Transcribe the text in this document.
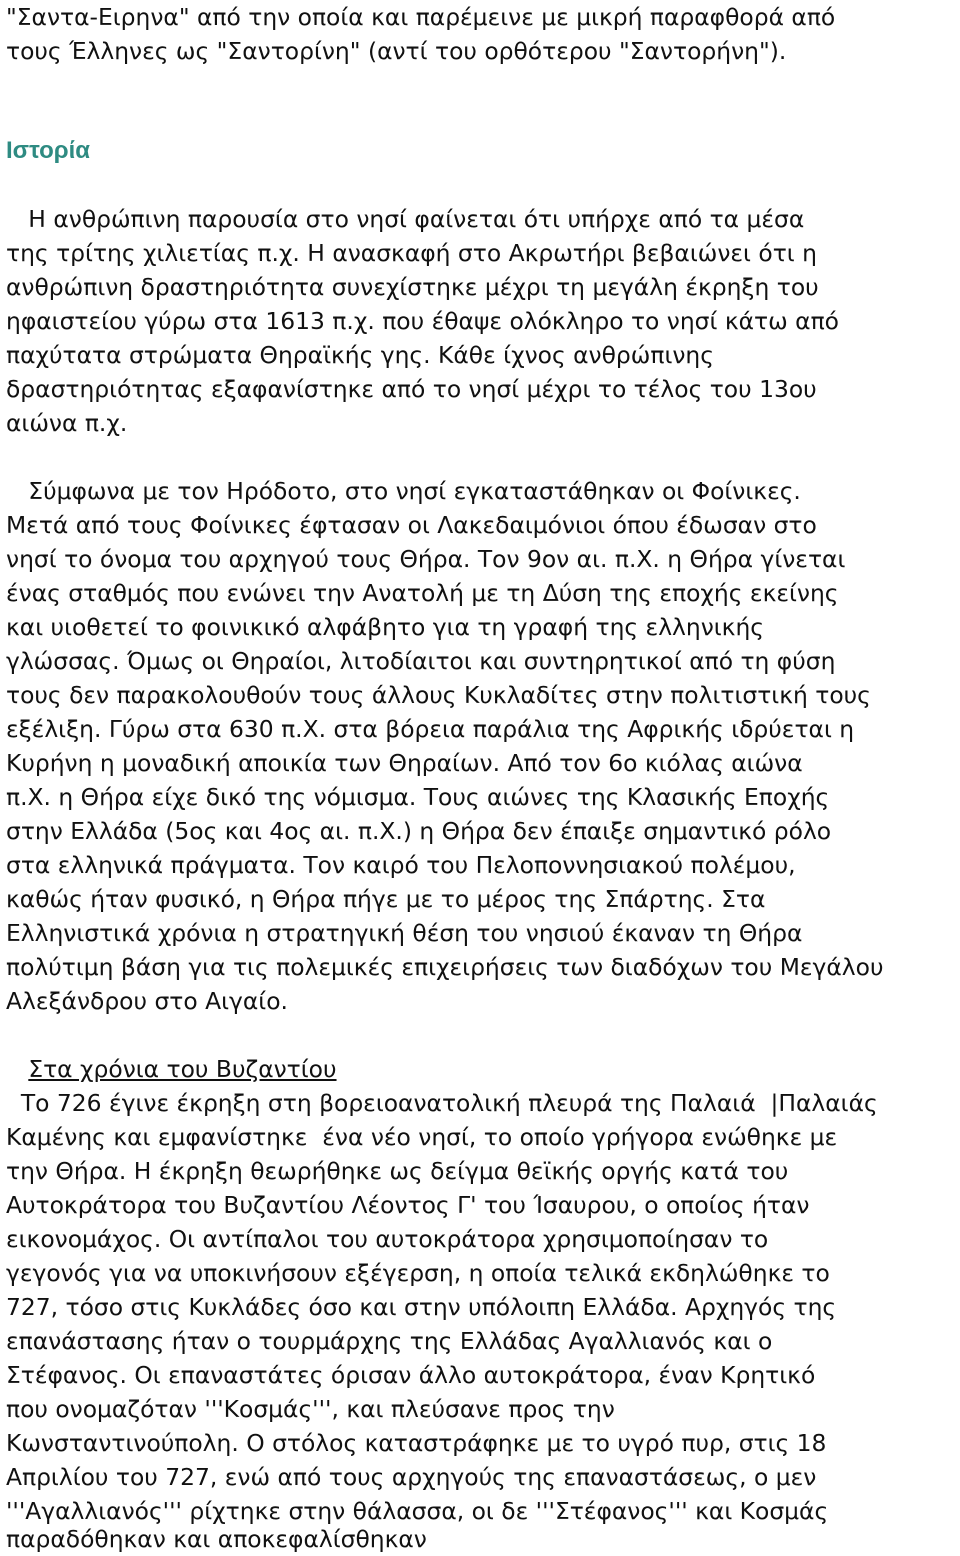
"Σαντα-Ειρηνα" από την οποία και παρέμεινε με μικρή παραφθορά από
τους Έλληνες ως "Σαντορίνη" (αντί του ορθότερου "Σαντορήνη").
Ιστορία
Η ανθρώπινη παρουσία στο νησί φαίνεται ότι υπήρχε από τα μέσα
της τρίτης χιλιετίας π.χ. Η ανασκαφή στο Ακρωτήρι βεβαιώνει ότι η
ανθρώπινη δραστηριότητα συνεχίστηκε μέχρι τη μεγάλη έκρηξη του
ηφαιστείου γύρω στα 1613 π.χ. που έθαψε ολόκληρο το νησί κάτω από
παχύτατα στρώματα Θηραϊκής γης. Κάθε ίχνος ανθρώπινης
δραστηριότητας εξαφανίστηκε από το νησί μέχρι το τέλος του 13ου
αιώνα π.χ.
Σύμφωνα με τον Ηρόδοτο, στο νησί εγκαταστάθηκαν οι Φοίνικες.
Μετά από τους Φοίνικες έφτασαν οι Λακεδαιμόνιοι όπου έδωσαν στο
νησί το όνομα του αρχηγού τους Θήρα. Τον 9ον αι. π.Χ. η Θήρα γίνεται
ένας σταθμός που ενώνει την Ανατολή με τη Δύση της εποχής εκείνης
και υιοθετεί το φοινικικό αλφάβητο για τη γραφή της ελληνικής
γλώσσας. Όμως οι Θηραίοι, λιτοδίαιτοι και συντηρητικοί από τη φύση
τους δεν παρακολουθούν τους άλλους Κυκλαδίτες στην πολιτιστική τους
εξέλιξη. Γύρω στα 630 π.Χ. στα βόρεια παράλια της Αφρικής ιδρύεται η
Κυρήνη η μοναδική αποικία των Θηραίων. Από τον 6ο κιόλας αιώνα
π.Χ. η Θήρα είχε δικό της νόμισμα. Τους αιώνες της Κλασικής Εποχής
στην Ελλάδα (5ος και 4ος αι. π.Χ.) η Θήρα δεν έπαιξε σημαντικό ρόλο
στα ελληνικά πράγματα. Τον καιρό του Πελοποννησιακού πολέμου,
καθώς ήταν φυσικό, η Θήρα πήγε με το μέρος της Σπάρτης. Στα
Ελληνιστικά χρόνια η στρατηγική θέση του νησιού έκαναν τη Θήρα
πολύτιμη βάση για τις πολεμικές επιχειρήσεις των διαδόχων του Μεγάλου
Αλεξάνδρου στο Αιγαίο.
Στα χρόνια του Βυζαντίου
Το 726 έγινε έκρηξη στη βορειοανατολική πλευρά της Παλαιά  |Παλαιάς
Καμένης και εμφανίστηκε  ένα νέο νησί, το οποίο γρήγορα ενώθηκε με
την Θήρα. Η έκρηξη θεωρήθηκε ως δείγμα θεϊκής οργής κατά του
Αυτοκράτορα του Βυζαντίου Λέοντος Γ' του Ίσαυρου, ο οποίος ήταν
εικονομάχος. Οι αντίπαλοι του αυτοκράτορα χρησιμοποίησαν το
γεγονός για να υποκινήσουν εξέγερση, η οποία τελικά εκδηλώθηκε το
727, τόσο στις Κυκλάδες όσο και στην υπόλοιπη Ελλάδα. Αρχηγός της
επανάστασης ήταν ο τουρμάρχης της Ελλάδας Αγαλλιανός και ο
Στέφανος. Οι επαναστάτες όρισαν άλλο αυτοκράτορα, έναν Κρητικό
που ονομαζόταν '''Κοσμάς''', και πλεύσανε προς την
Κωνσταντινούπολη. Ο στόλος καταστράφηκε με το υγρό πυρ, στις 18
Απριλίου του 727, ενώ από τους αρχηγούς της επαναστάσεως, ο μεν
'''Αγαλλιανός''' ρίχτηκε στην θάλασσα, οι δε '''Στέφανος''' και Κοσμάς
παραδόθηκαν και αποκεφαλίσθηκαν
